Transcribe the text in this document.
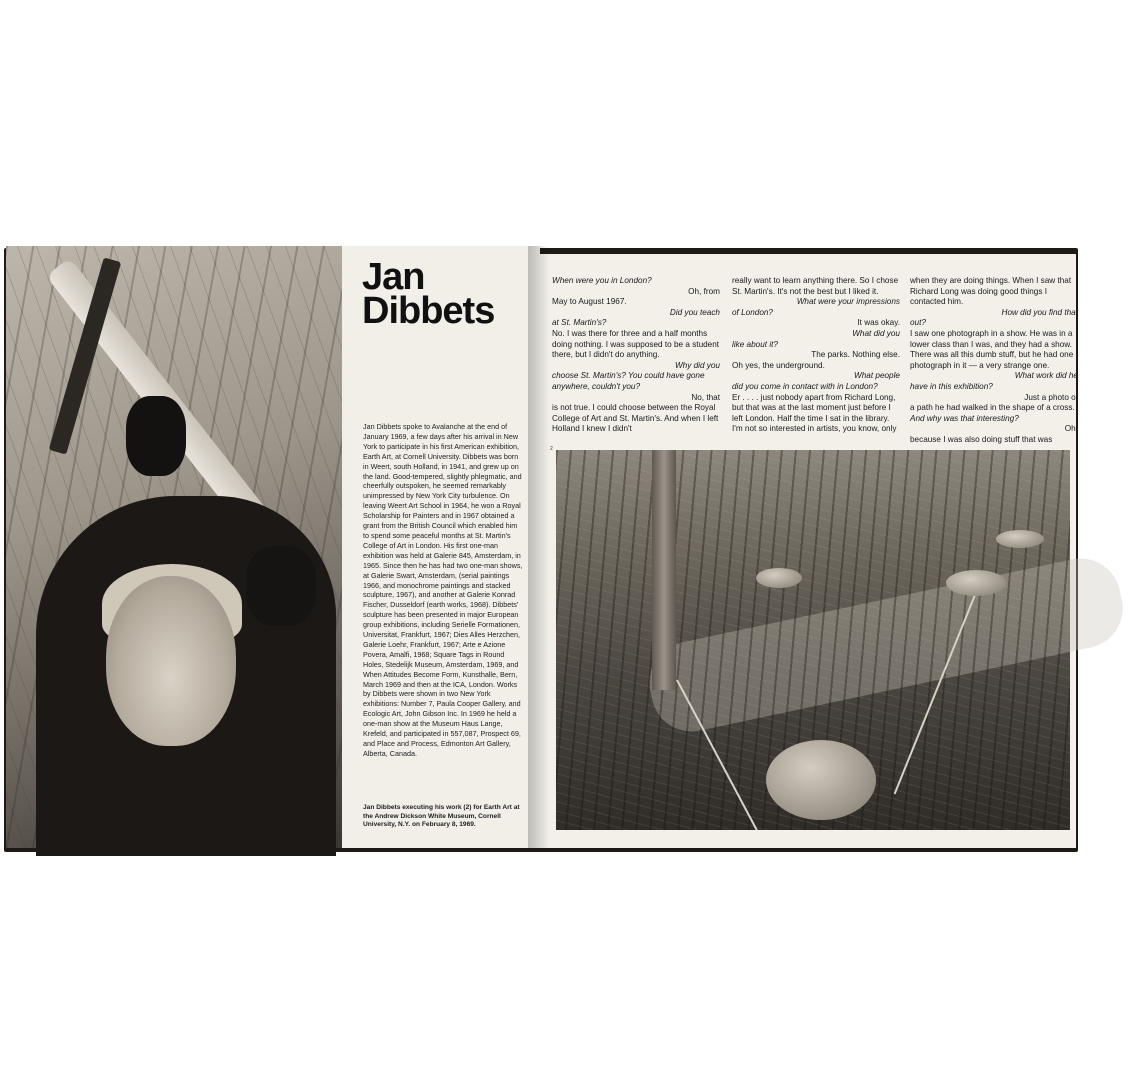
Jan
Dibbets
Jan Dibbets spoke to Avalanche at the end of January 1969, a few days after his arrival in New York to participate in his first American exhibition, Earth Art, at Cornell University. Dibbets was born in Weert, south Holland, in 1941, and grew up on the land. Good-tempered, slightly phlegmatic, and cheerfully outspoken, he seemed remarkably unimpressed by New York City turbulence. On leaving Weert Art School in 1964, he won a Royal Scholarship for Painters and in 1967 obtained a grant from the British Council which enabled him to spend some peaceful months at St. Martin's College of Art in London. His first one-man exhibition was held at Galerie 845, Amsterdam, in 1965. Since then he has had two one-man shows, at Galerie Swart, Amsterdam, (serial paintings 1966, and monochrome paintings and stacked sculpture, 1967), and another at Galerie Konrad Fischer, Dusseldorf (earth works, 1968). Dibbets' sculpture has been presented in major European group exhibitions, including Serielle Formationen, Universitat, Frankfurt, 1967; Dies Alles Herzchen, Galerie Loehr, Frankfurt, 1967; Arte e Azione Povera, Amalfi, 1968; Square Tags in Round Holes, Stedelijk Museum, Amsterdam, 1969, and When Attitudes Become Form, Kunsthalle, Bern, March 1969 and then at the ICA, London. Works by Dibbets were shown in two New York exhibitions: Number 7, Paula Cooper Gallery, and Ecologic Art, John Gibson Inc. In 1969 he held a one-man show at the Museum Haus Lange, Krefeld, and participated in 557,087, Prospect 69, and Place and Process, Edmonton Art Gallery, Alberta, Canada.
Jan Dibbets executing his work (2) for Earth Art at the Andrew Dickson White Museum, Cornell University, N.Y. on February 8, 1969.
When were you in London?
Oh, from
May to August 1967.
Did you teach
at St. Martin's?
No. I was there for three and a half months doing nothing. I was supposed to be a student there, but I didn't do anything.
Why did you
choose St. Martin's? You could have gone anywhere, couldn't you?
No, that
is not true. I could choose between the Royal College of Art and St. Martin's. And when I left Holland I knew I didn't
really want to learn anything there. So I chose St. Martin's. It's not the best but I liked it.
What were your impressions
of London?
It was okay.
What did you
like about it?
The parks. Nothing else.
Oh yes, the underground.
What people
did you come in contact with in London?
Er . . . . just nobody apart from Richard Long, but that was at the last moment just before I left London. Half the time I sat in the library. I'm not so interested in artists, you know, only
when they are doing things. When I saw that Richard Long was doing good things I contacted him.
How did you find that
out?
I saw one photograph in a show. He was in a lower class than I was, and they had a show. There was all this dumb stuff, but he had one photograph in it — a very strange one.
What work did he
have in this exhibition?
Just a photo of
a path he had walked in the shape of a cross.
And why was that interesting?
Oh,
because I was also doing stuff that was
2
